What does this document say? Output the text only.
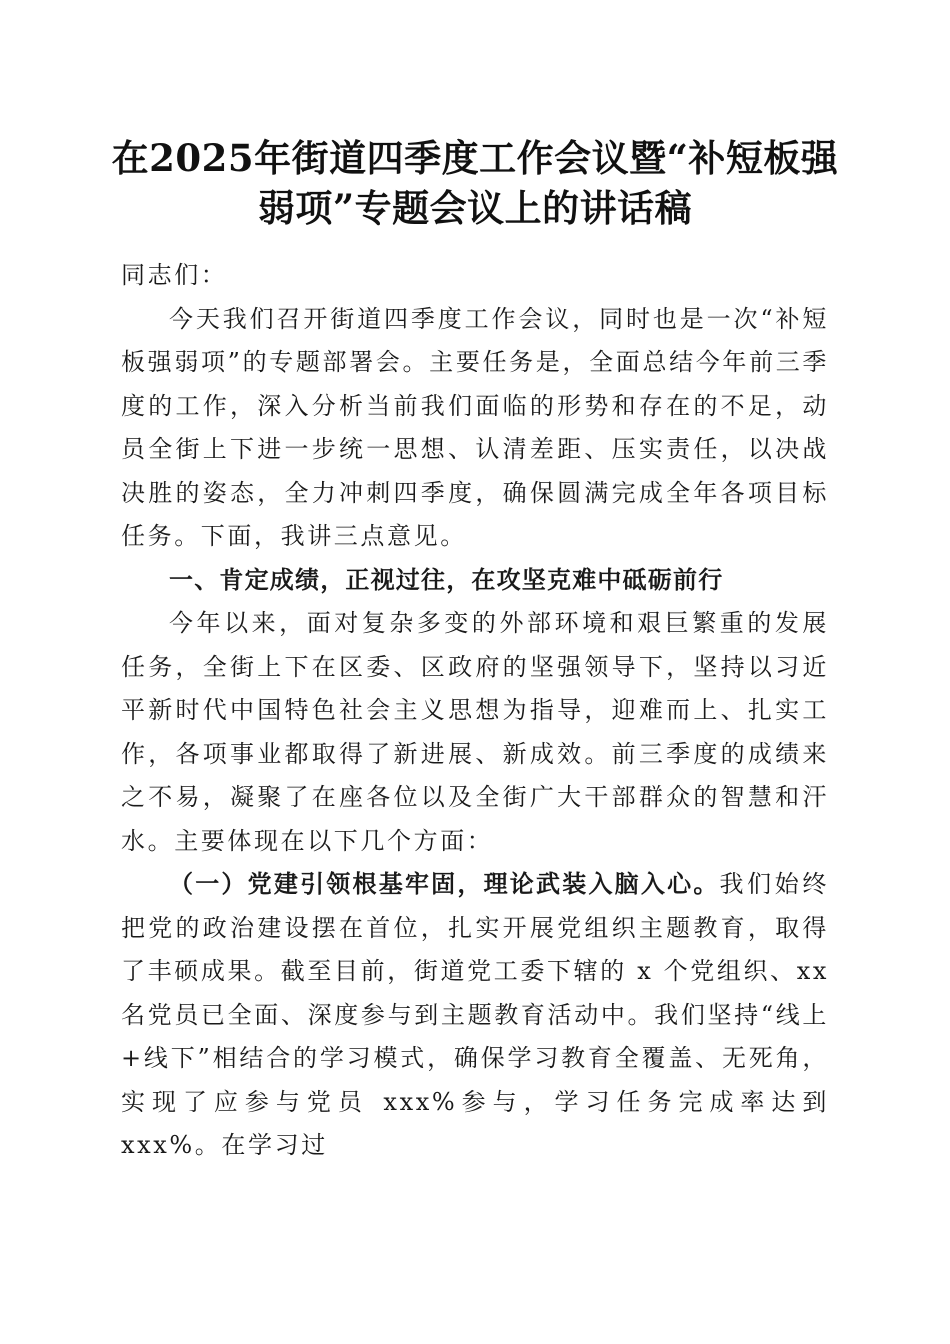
在2025年街道四季度工作会议暨“补短板强弱项”专题会议上的讲话稿

同志们：

今天我们召开街道四季度工作会议，同时也是一次“补短板强弱项”的专题部署会。主要任务是，全面总结今年前三季度的工作，深入分析当前我们面临的形势和存在的不足，动员全街上下进一步统一思想、认清差距、压实责任，以决战决胜的姿态，全力冲刺四季度，确保圆满完成全年各项目标任务。下面，我讲三点意见。

一、肯定成绩，正视过往，在攻坚克难中砥砺前行

今年以来，面对复杂多变的外部环境和艰巨繁重的发展任务，全街上下在区委、区政府的坚强领导下，坚持以习近平新时代中国特色社会主义思想为指导，迎难而上、扎实工作，各项事业都取得了新进展、新成效。前三季度的成绩来之不易，凝聚了在座各位以及全街广大干部群众的智慧和汗水。主要体现在以下几个方面：

（一）党建引领根基牢固，理论武装入脑入心。我们始终把党的政治建设摆在首位，扎实开展党组织主题教育，取得了丰硕成果。截至目前，街道党工委下辖的 x 个党组织、xx 名党员已全面、深度参与到主题教育活动中。我们坚持“线上+线下”相结合的学习模式，确保学习教育全覆盖、无死角，实现了应参与党员 xxx%参与，学习任务完成率达到 xxx%。在学习过
